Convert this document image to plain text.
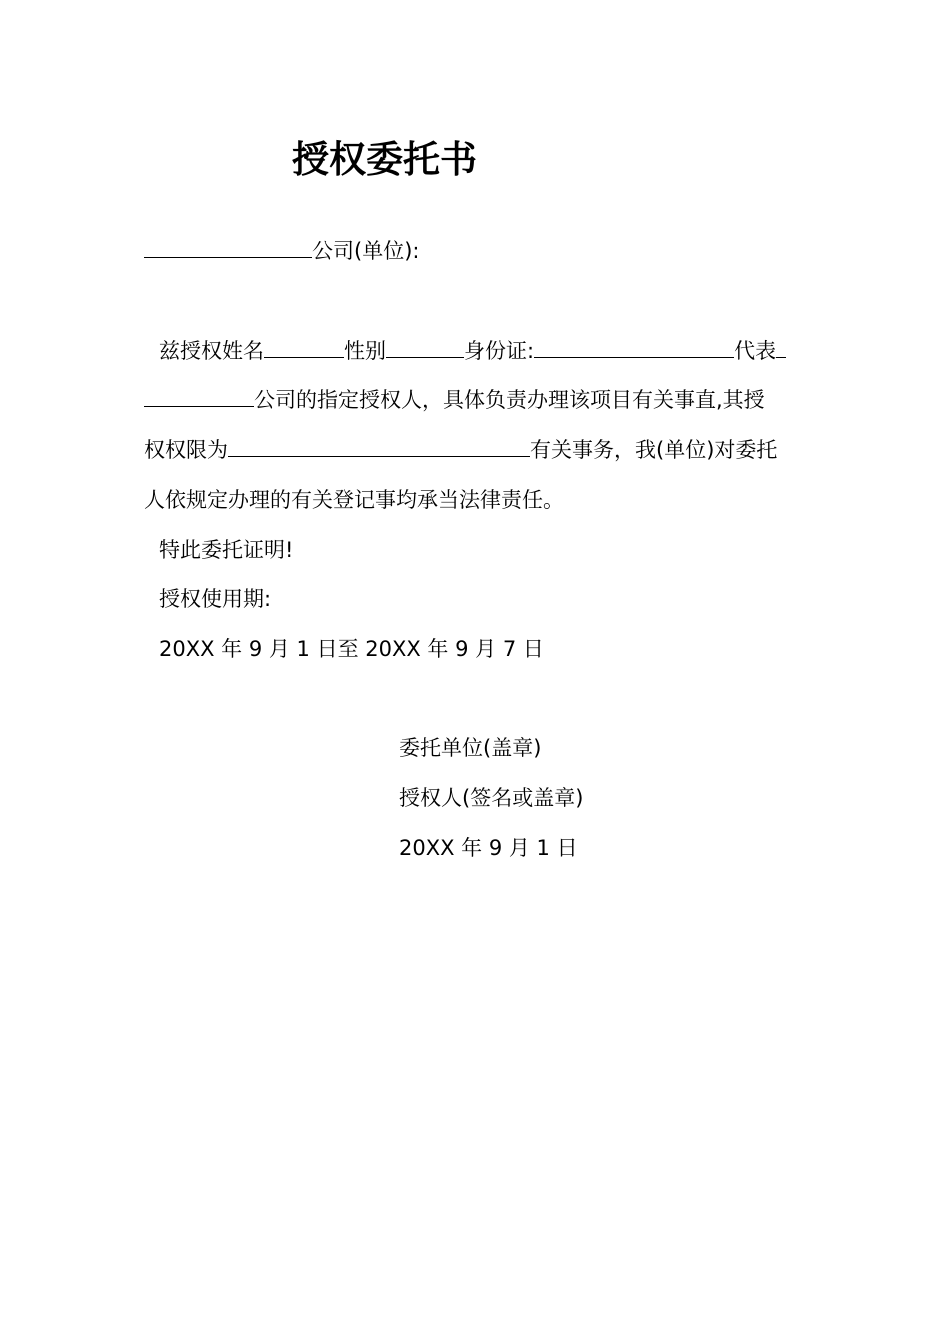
授权委托书
公司(单位):
兹授权姓名	性别	身份证:	代表
公司的指定授权人，具体负责办理该项目有关事直,其授
权权限为	有关事务，我(单位)对委托
人依规定办理的有关登记事均承当法律责任。
特此委托证明!
授权使用期:
20XX 年 9 月 1 日至 20XX 年 9 月 7 日
委托单位(盖章)
授权人(签名或盖章)
20XX 年 9 月 1 日
